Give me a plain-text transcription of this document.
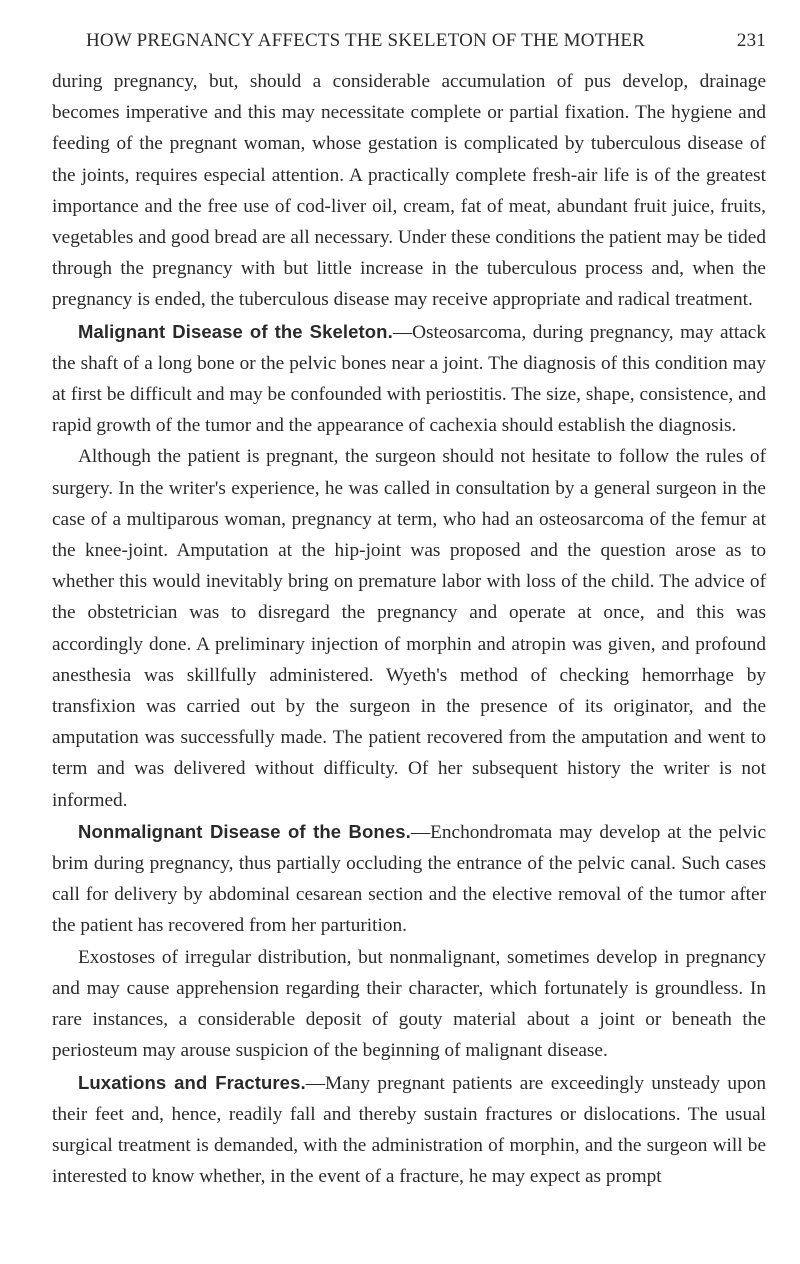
HOW PREGNANCY AFFECTS THE SKELETON OF THE MOTHER	231

during pregnancy, but, should a considerable accumulation of pus develop, drainage becomes imperative and this may necessitate complete or partial fixation. The hygiene and feeding of the pregnant woman, whose gestation is complicated by tuberculous disease of the joints, requires especial attention. A practically complete fresh-air life is of the greatest importance and the free use of cod-liver oil, cream, fat of meat, abundant fruit juice, fruits, vegetables and good bread are all necessary. Under these conditions the patient may be tided through the pregnancy with but little increase in the tuberculous process and, when the pregnancy is ended, the tuberculous disease may receive appropriate and radical treatment.

Malignant Disease of the Skeleton.—Osteosarcoma, during pregnancy, may attack the shaft of a long bone or the pelvic bones near a joint. The diagnosis of this condition may at first be difficult and may be confounded with periostitis. The size, shape, consistence, and rapid growth of the tumor and the appearance of cachexia should establish the diagnosis.

Although the patient is pregnant, the surgeon should not hesitate to follow the rules of surgery. In the writer's experience, he was called in consultation by a general surgeon in the case of a multiparous woman, pregnancy at term, who had an osteosarcoma of the femur at the knee-joint. Amputation at the hip-joint was proposed and the question arose as to whether this would inevitably bring on premature labor with loss of the child. The advice of the obstetrician was to disregard the pregnancy and operate at once, and this was accordingly done. A preliminary injection of morphin and atropin was given, and profound anesthesia was skillfully administered. Wyeth's method of checking hemorrhage by transfixion was carried out by the surgeon in the presence of its originator, and the amputation was successfully made. The patient recovered from the amputation and went to term and was delivered without difficulty. Of her subsequent history the writer is not informed.

Nonmalignant Disease of the Bones.—Enchondromata may develop at the pelvic brim during pregnancy, thus partially occluding the entrance of the pelvic canal. Such cases call for delivery by abdominal cesarean section and the elective removal of the tumor after the patient has recovered from her parturition.

Exostoses of irregular distribution, but nonmalignant, sometimes develop in pregnancy and may cause apprehension regarding their character, which fortunately is groundless. In rare instances, a considerable deposit of gouty material about a joint or beneath the periosteum may arouse suspicion of the beginning of malignant disease.

Luxations and Fractures.—Many pregnant patients are exceedingly unsteady upon their feet and, hence, readily fall and thereby sustain fractures or dislocations. The usual surgical treatment is demanded, with the administration of morphin, and the surgeon will be interested to know whether, in the event of a fracture, he may expect as prompt
